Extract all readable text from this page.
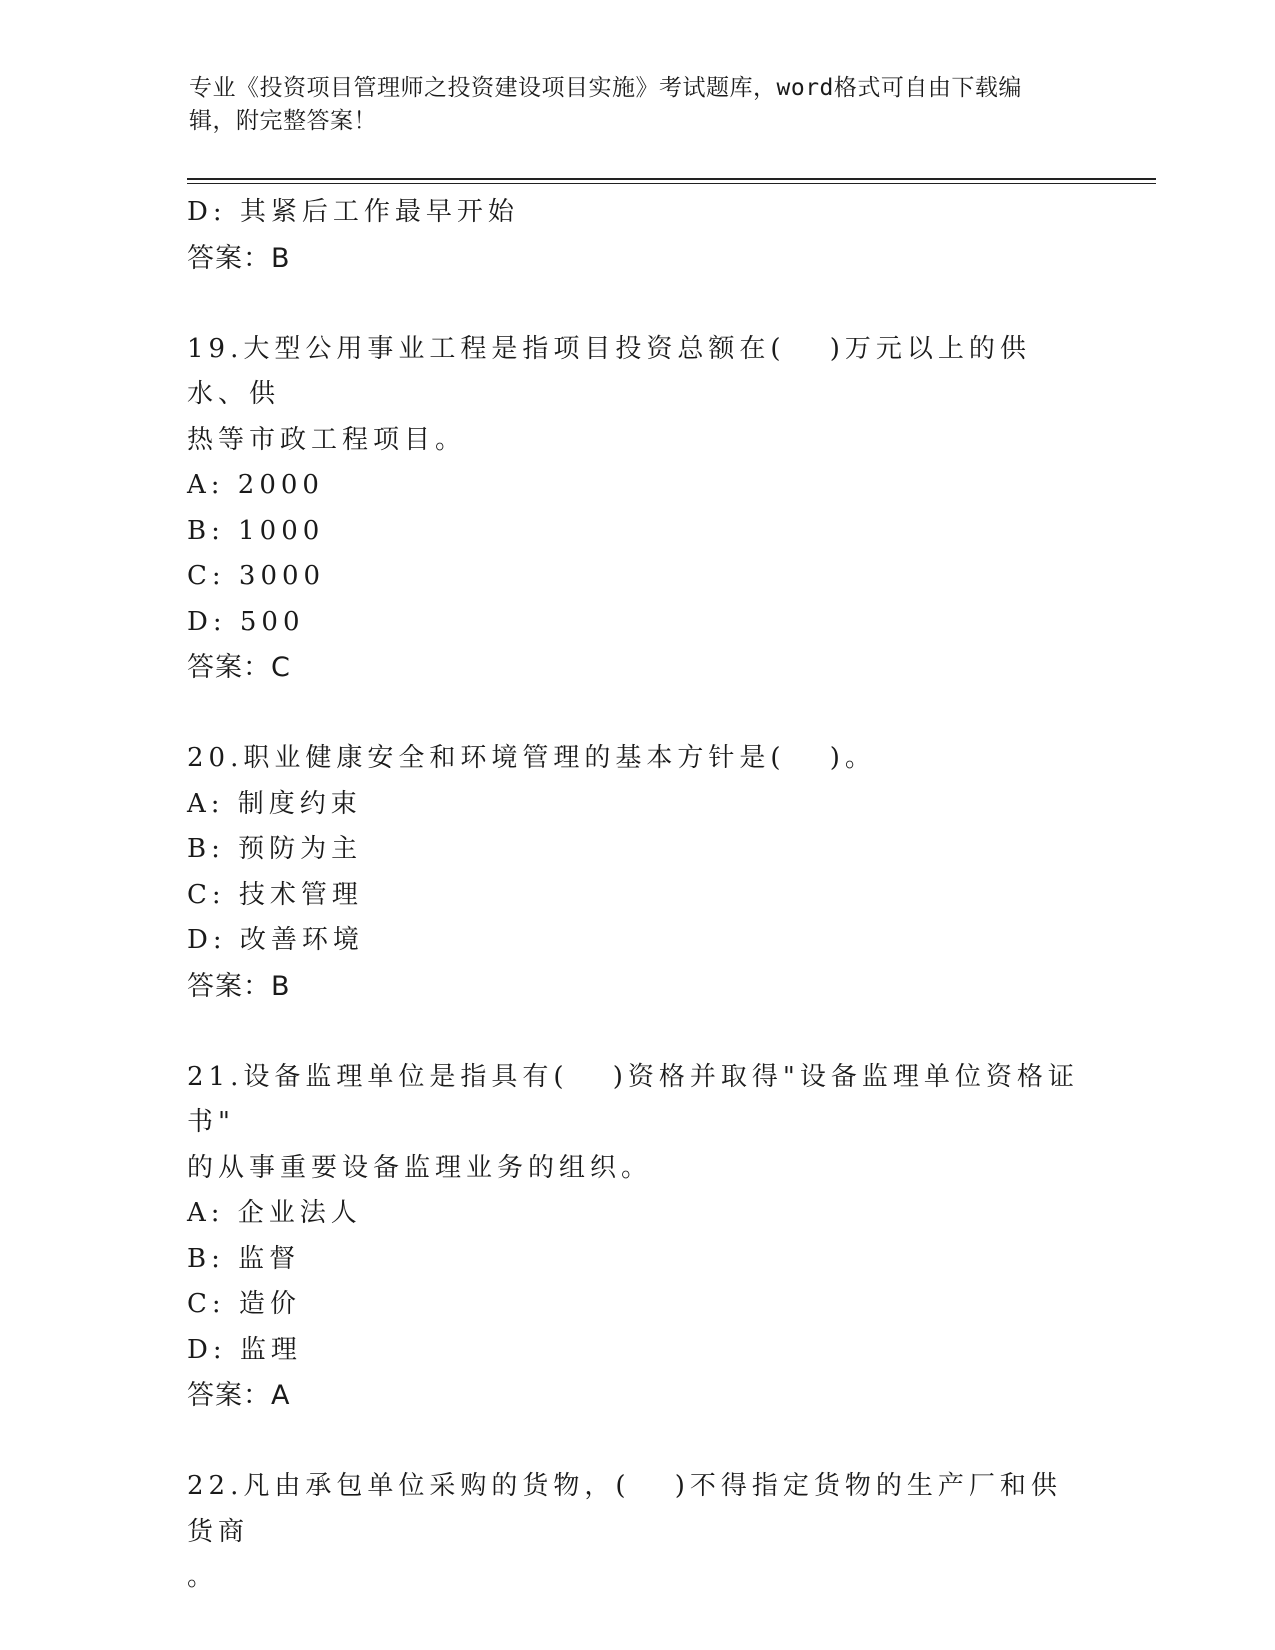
专业《投资项目管理师之投资建设项目实施》考试题库，word格式可自由下载编
辑，附完整答案！
D: 其紧后工作最早开始
答案：B
19.大型公用事业工程是指项目投资总额在(　 )万元以上的供水、供
热等市政工程项目。
A: 2000
B: 1000
C: 3000
D: 500
答案：C
20.职业健康安全和环境管理的基本方针是(　 )。
A: 制度约束
B: 预防为主
C: 技术管理
D: 改善环境
答案：B
21.设备监理单位是指具有(　 )资格并取得"设备监理单位资格证书"
的从事重要设备监理业务的组织。
A: 企业法人
B: 监督
C: 造价
D: 监理
答案：A
22.凡由承包单位采购的货物，(　 )不得指定货物的生产厂和供货商
。
